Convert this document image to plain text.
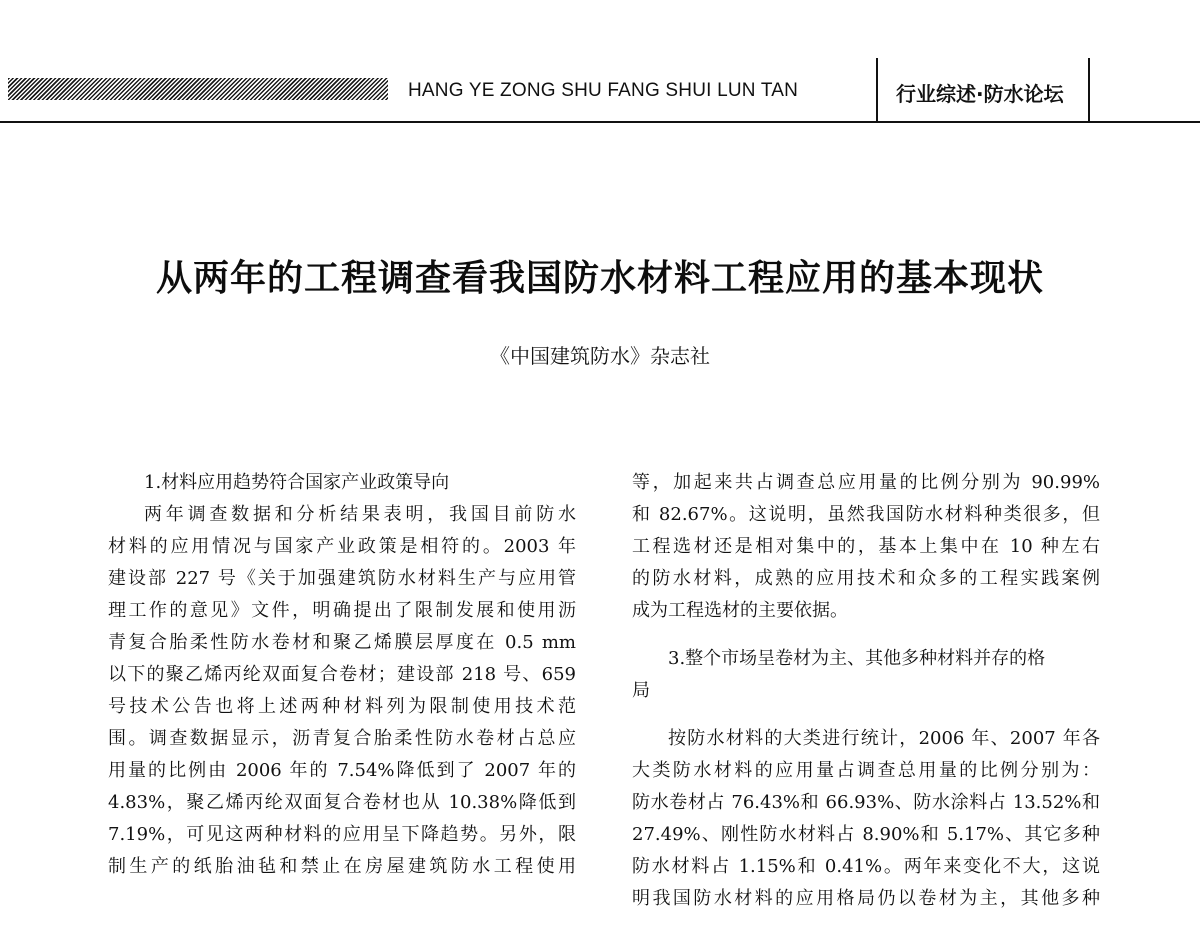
HANG YE ZONG SHU FANG SHUI LUN TAN	行业综述·防水论坛
从两年的工程调查看我国防水材料工程应用的基本现状
《中国建筑防水》杂志社
1.材料应用趋势符合国家产业政策导向
两年调查数据和分析结果表明，我国目前防水
材料的应用情况与国家产业政策是相符的。2003 年
建设部 227 号《关于加强建筑防水材料生产与应用管
理工作的意见》文件，明确提出了限制发展和使用沥
青复合胎柔性防水卷材和聚乙烯膜层厚度在 0.5 mm
以下的聚乙烯丙纶双面复合卷材；建设部 218 号、659
号技术公告也将上述两种材料列为限制使用技术范
围。调查数据显示，沥青复合胎柔性防水卷材占总应
用量的比例由 2006 年的 7.54%降低到了 2007 年的
4.83%，聚乙烯丙纶双面复合卷材也从 10.38%降低到
7.19%，可见这两种材料的应用呈下降趋势。另外，限
制生产的纸胎油毡和禁止在房屋建筑防水工程使用
等，加起来共占调查总应用量的比例分别为 90.99%
和 82.67%。这说明，虽然我国防水材料种类很多，但
工程选材还是相对集中的，基本上集中在 10 种左右
的防水材料，成熟的应用技术和众多的工程实践案例
成为工程选材的主要依据。
3.整个市场呈卷材为主、其他多种材料并存的格
局
按防水材料的大类进行统计，2006 年、2007 年各
大类防水材料的应用量占调查总用量的比例分别为：
防水卷材占 76.43%和 66.93%、防水涂料占 13.52%和
27.49%、刚性防水材料占 8.90%和 5.17%、其它多种
防水材料占 1.15%和 0.41%。两年来变化不大，这说
明我国防水材料的应用格局仍以卷材为主，其他多种
